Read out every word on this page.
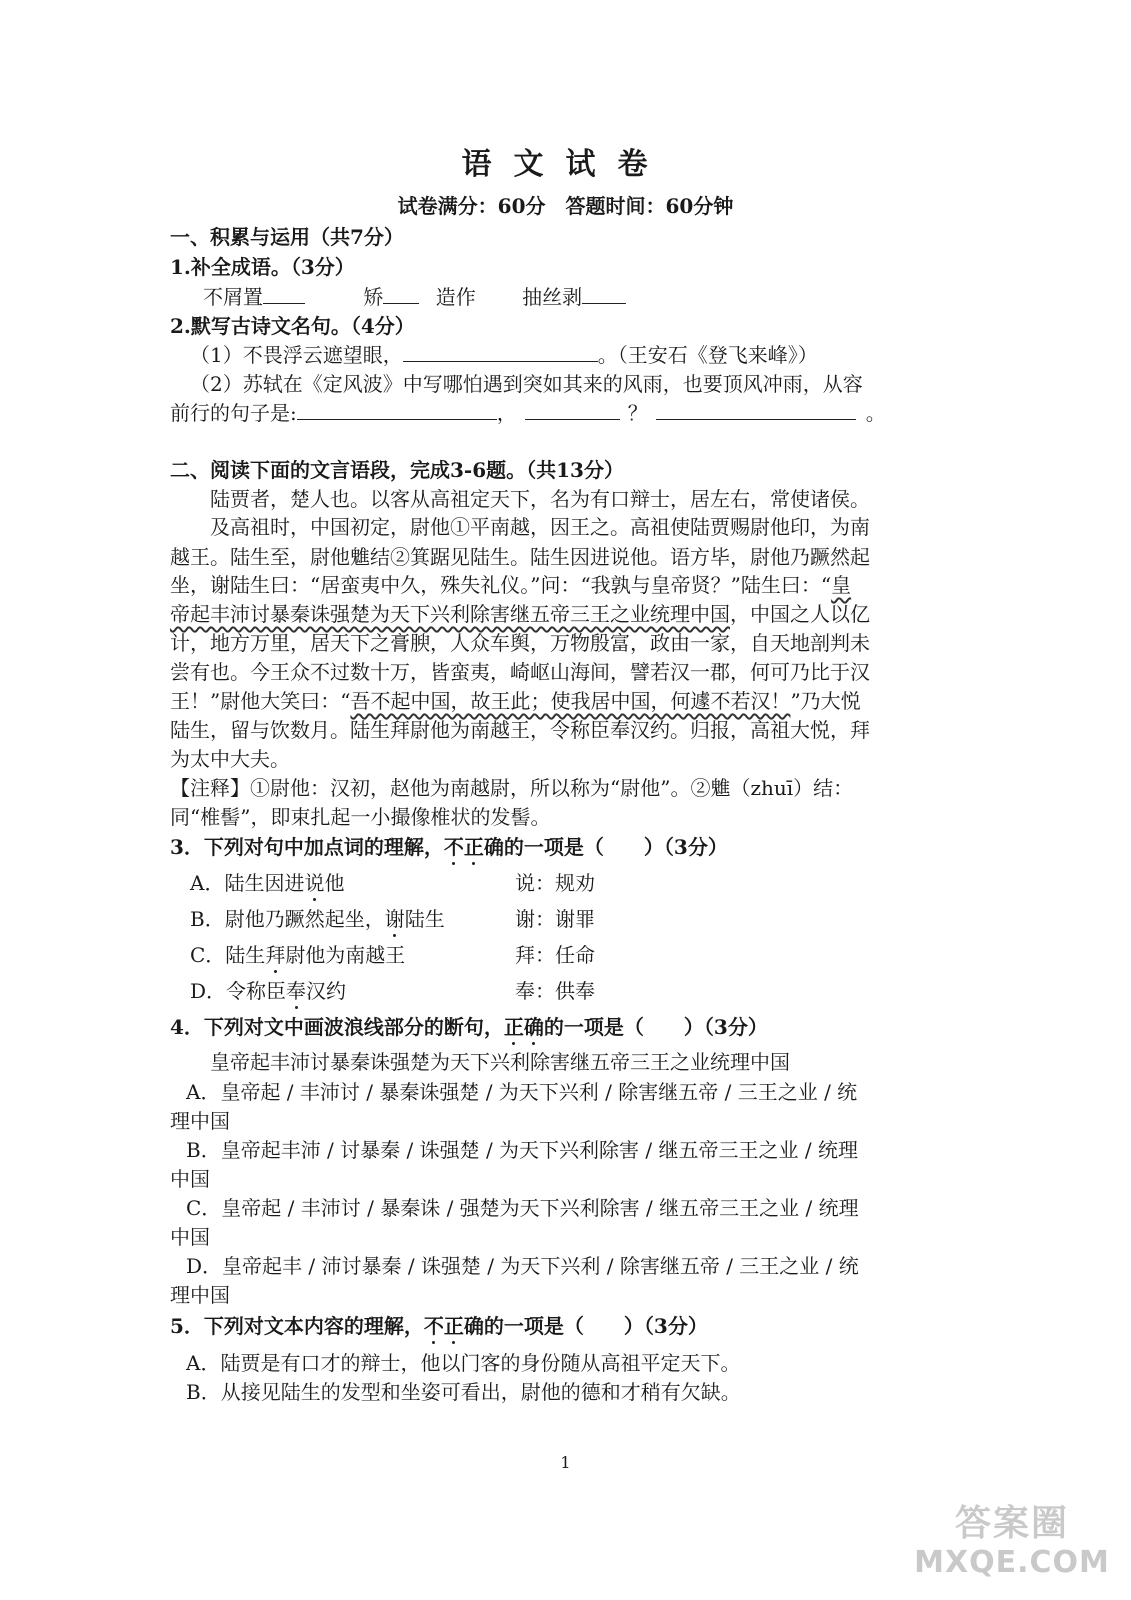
语文试卷
试卷满分：60分　答题时间：60分钟
一、积累与运用（共7分）
1.补全成语。（3分）
不屑置	矫	造作 抽丝剥
2.默写古诗文名句。（4分）
（1）不畏浮云遮望眼，	。（王安石《登飞来峰》）
（2）苏轼在《定风波》中写哪怕遇到突如其来的风雨，也要顶风冲雨，从容
前行的句子是:	，	？	。
二、阅读下面的文言语段，完成3-6题。（共13分）
陆贾者，楚人也。以客从高祖定天下，名为有口辩士，居左右，常使诸侯。
及高祖时，中国初定，尉他①平南越，因王之。高祖使陆贾赐尉他印，为南
越王。陆生至，尉他魋结②箕踞见陆生。陆生因进说他。语方毕，尉他乃蹶然起
坐，谢陆生曰：“居蛮夷中久，殊失礼仪。”问：“我孰与皇帝贤？”陆生曰：“皇
帝起丰沛讨暴秦诛强楚为天下兴利除害继五帝三王之业统理中国，中国之人以亿
计，地方万里，居天下之膏腴，人众车舆，万物殷富，政由一家，自天地剖判未
尝有也。今王众不过数十万，皆蛮夷，崎岖山海间，譬若汉一郡，何可乃比于汉
王！”尉他大笑曰：“吾不起中国，故王此；使我居中国，何遽不若汉！”乃大悦
陆生，留与饮数月。陆生拜尉他为南越王，令称臣奉汉约。归报，高祖大悦，拜
为太中大夫。
【注释】①尉他：汉初，赵他为南越尉，所以称为“尉他”。②魋（zhuī）结：
同“椎髻”，即束扎起一小撮像椎状的发髻。
3．下列对句中加点词的理解，不正确的一项是（　　）（3分）
A．陆生因进说他	说：规劝
B．尉他乃蹶然起坐，谢陆生	谢：谢罪
C．陆生拜尉他为南越王	拜：任命
D．令称臣奉汉约	奉：供奉
4．下列对文中画波浪线部分的断句，正确的一项是（　　）（3分）
皇帝起丰沛讨暴秦诛强楚为天下兴利除害继五帝三王之业统理中国
A．皇帝起 / 丰沛讨 / 暴秦诛强楚 / 为天下兴利 / 除害继五帝 / 三王之业 / 统
理中国
B．皇帝起丰沛 / 讨暴秦 / 诛强楚 / 为天下兴利除害 / 继五帝三王之业 / 统理
中国
C．皇帝起 / 丰沛讨 / 暴秦诛 / 强楚为天下兴利除害 / 继五帝三王之业 / 统理
中国
D．皇帝起丰 / 沛讨暴秦 / 诛强楚 / 为天下兴利 / 除害继五帝 / 三王之业 / 统
理中国
5．下列对文本内容的理解，不正确的一项是（　　）（3分）
A．陆贾是有口才的辩士，他以门客的身份随从高祖平定天下。
B．从接见陆生的发型和坐姿可看出，尉他的德和才稍有欠缺。
1
答案圈
MXQE.COM
